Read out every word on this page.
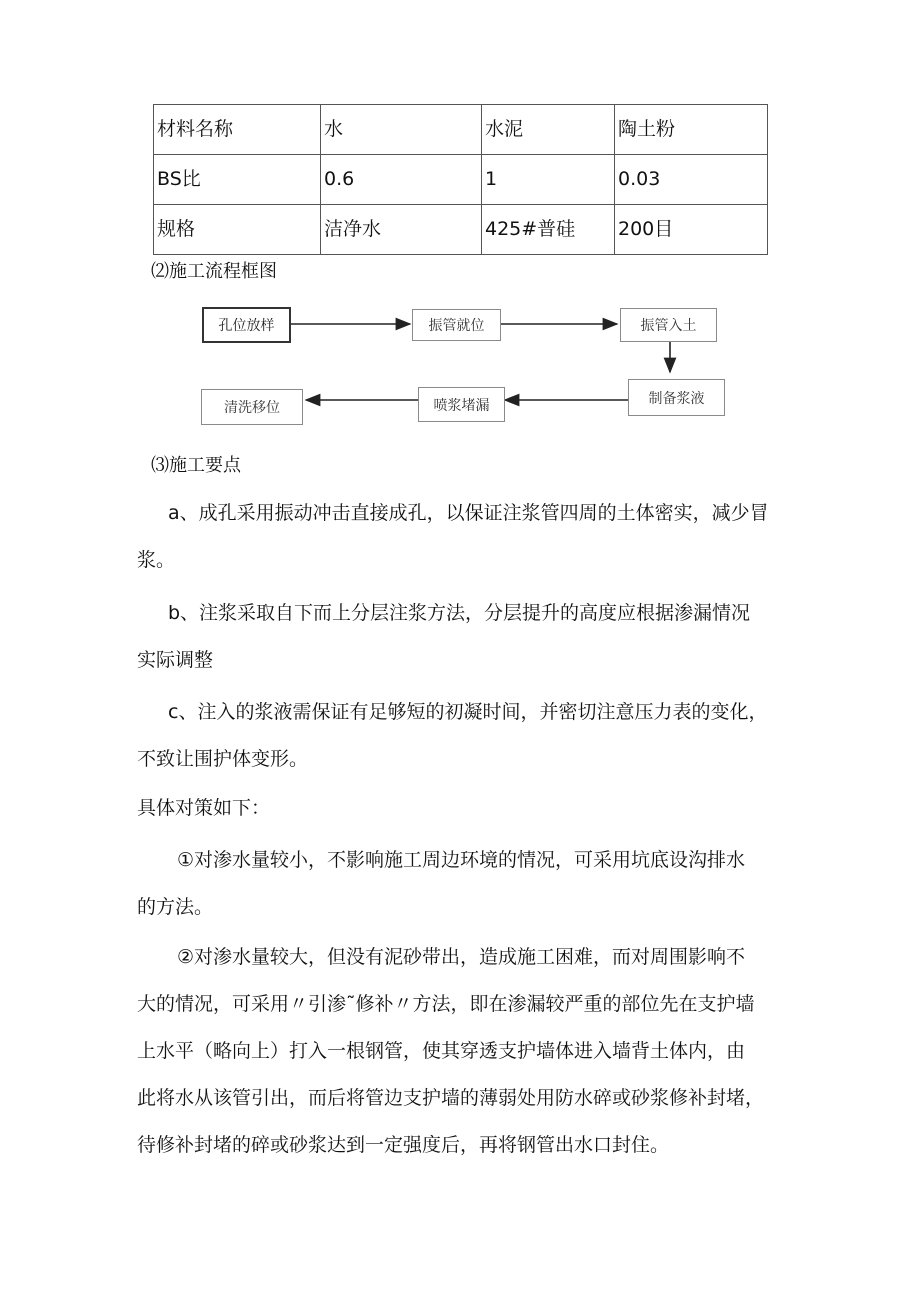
材料名称	水	水泥	陶土粉
BS比	0.6	1	0.03
规格	洁净水	425#普硅	200目
⑵施工流程框图
孔位放样	振管就位	振管入土
制备浆液
喷浆堵漏
清洗移位
⑶施工要点
a、成孔采用振动冲击直接成孔，以保证注浆管四周的土体密实，减少冒
浆。
b、注浆采取自下而上分层注浆方法，分层提升的高度应根据渗漏情况
实际调整
c、注入的浆液需保证有足够短的初凝时间，并密切注意压力表的变化，
不致让围护体变形。
具体对策如下：
①对渗水量较小，不影响施工周边环境的情况，可采用坑底设沟排水
的方法。
②对渗水量较大，但没有泥砂带出，造成施工困难，而对周围影响不
大的情况，可采用〃引渗˜修补〃方法，即在渗漏较严重的部位先在支护墙
上水平（略向上）打入一根钢管，使其穿透支护墙体进入墙背土体内，由
此将水从该管引出，而后将管边支护墙的薄弱处用防水碎或砂浆修补封堵，
待修补封堵的碎或砂浆达到一定强度后，再将钢管出水口封住。
